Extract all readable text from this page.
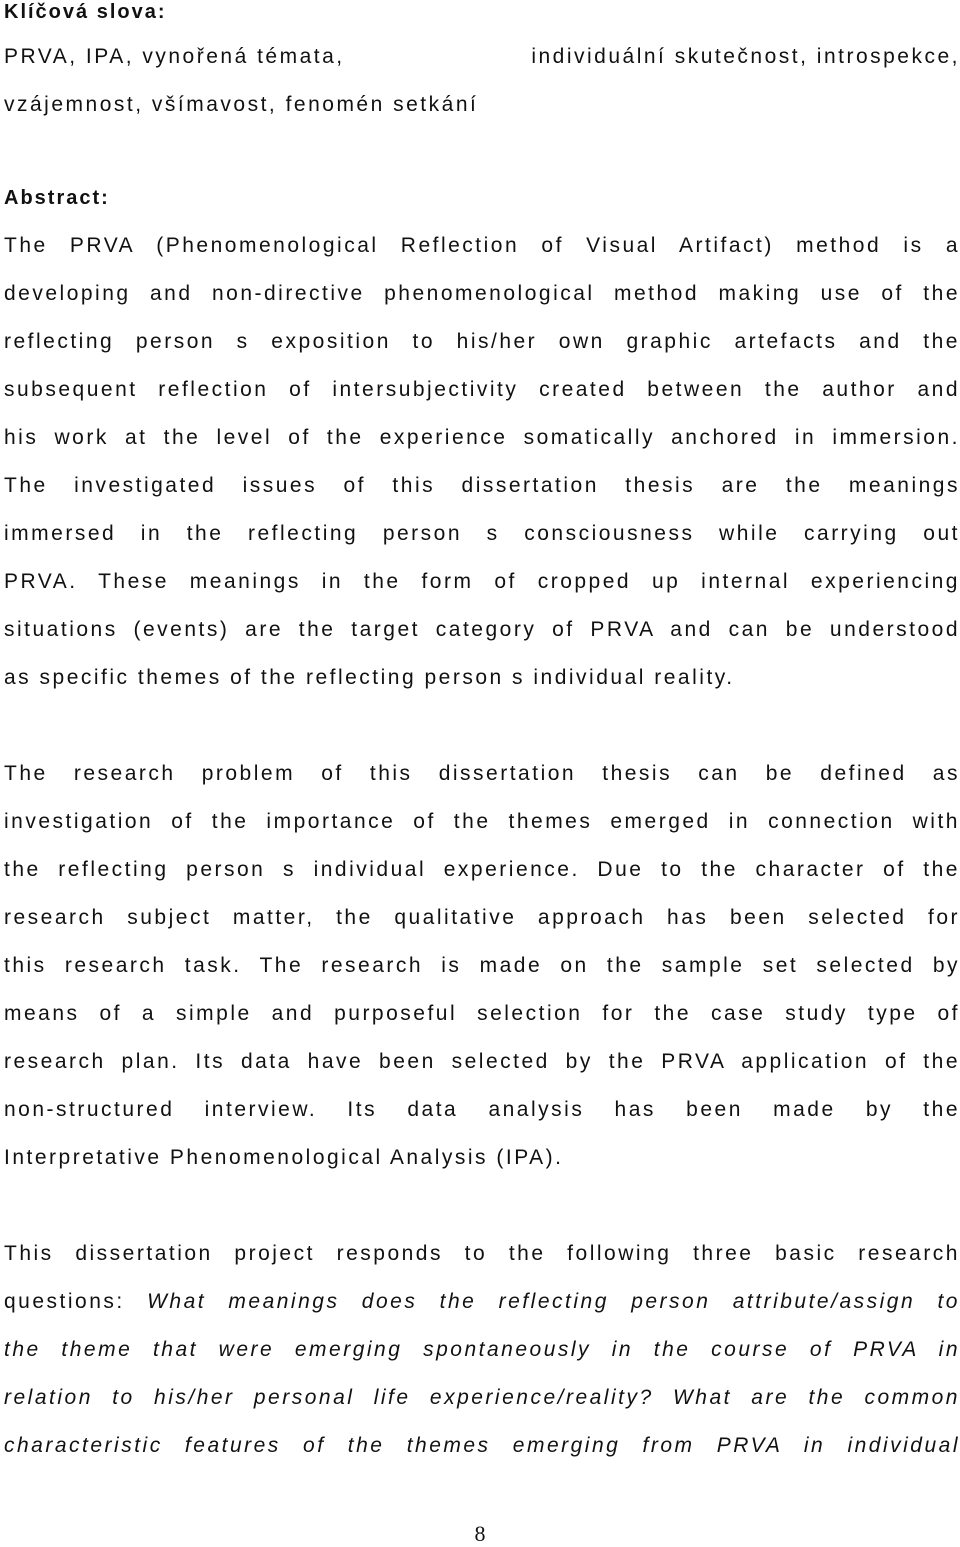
Klíčová slova:
PRVA, IPA, vynořená témata,	individuální skutečnost, introspekce,
vzájemnost, všímavost, fenomén setkání
Abstract:
The PRVA (Phenomenological Reflection of Visual Artifact) method is a
developing and non-directive phenomenological method making use of the
reflecting person s exposition to his/her own graphic artefacts and the
subsequent reflection of intersubjectivity created between the author and
his work at the level of the experience somatically anchored in immersion.
The investigated issues of this dissertation thesis are the meanings
immersed in the reflecting person s consciousness while carrying out
PRVA. These meanings in the form of cropped up internal experiencing
situations (events) are the target category of PRVA and can be understood
as specific themes of the reflecting person s individual reality.
The research problem of this dissertation thesis can be defined as
investigation of the importance of the themes emerged in connection with
the reflecting person s individual experience. Due to the character of the
research subject matter, the qualitative approach has been selected for
this research task. The research is made on the sample set selected by
means of a simple and purposeful selection for the case study type of
research plan. Its data have been selected by the PRVA application of the
non-structured interview. Its data analysis has been made by the
Interpretative Phenomenological Analysis (IPA).
This dissertation project responds to the following three basic research
questions: What meanings does the reflecting person attribute/assign to
the theme that were emerging spontaneously in the course of PRVA in
relation to his/her personal life experience/reality? What are the common
characteristic features of the themes emerging from PRVA in individual
8
